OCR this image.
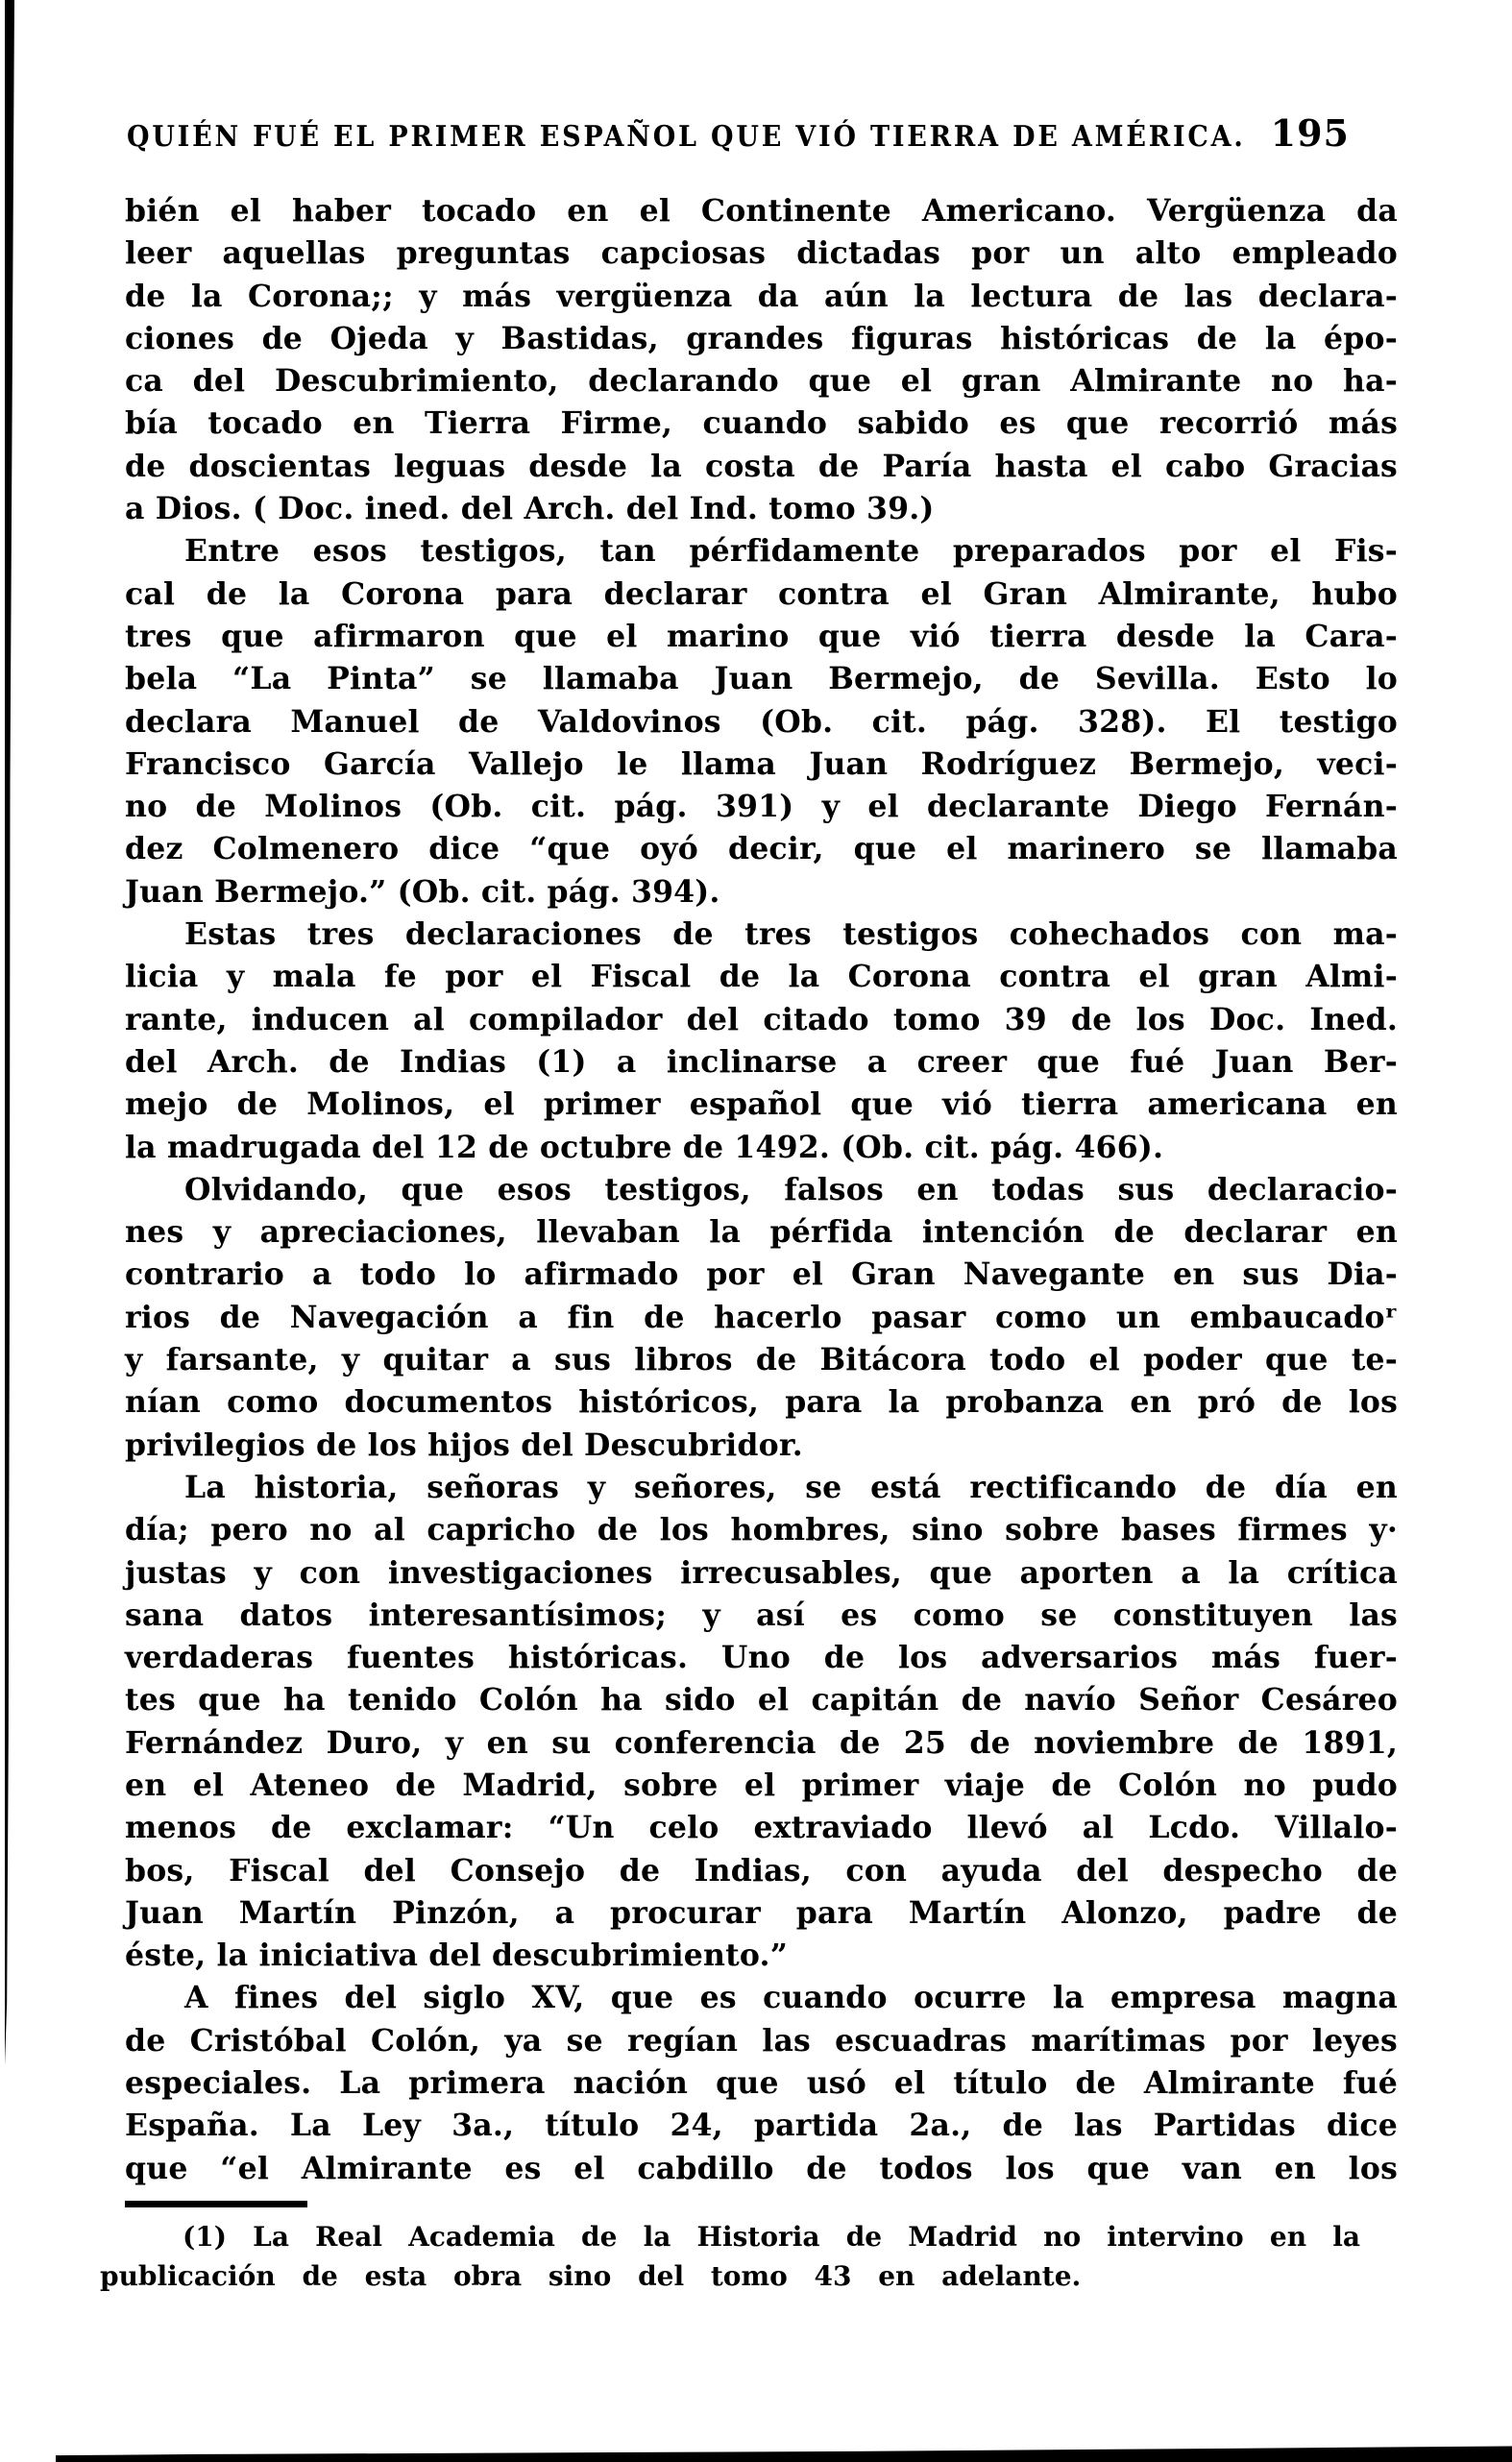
QUIÉN FUÉ EL PRIMER ESPAÑOL QUE VIÓ TIERRA DE AMÉRICA. 195
bién el haber tocado en el Continente Americano. Vergüenza da
leer aquellas preguntas capciosas dictadas por un alto empleado
de la Corona;; y más vergüenza da aún la lectura de las declara-
ciones de Ojeda y Bastidas, grandes figuras históricas de la épo-
ca del Descubrimiento, declarando que el gran Almirante no ha-
bía tocado en Tierra Firme, cuando sabido es que recorrió más
de doscientas leguas desde la costa de Paría hasta el cabo Gracias
a Dios. ( Doc. ined. del Arch. del Ind. tomo 39.)
Entre esos testigos, tan pérfidamente preparados por el Fis-
cal de la Corona para declarar contra el Gran Almirante, hubo
tres que afirmaron que el marino que vió tierra desde la Cara-
bela “La Pinta” se llamaba Juan Bermejo, de Sevilla. Esto lo
declara Manuel de Valdovinos (Ob. cit. pág. 328). El testigo
Francisco García Vallejo le llama Juan Rodríguez Bermejo, veci-
no de Molinos (Ob. cit. pág. 391) y el declarante Diego Fernán-
dez Colmenero dice “que oyó decir, que el marinero se llamaba
Juan Bermejo.” (Ob. cit. pág. 394).
Estas tres declaraciones de tres testigos cohechados con ma-
licia y mala fe por el Fiscal de la Corona contra el gran Almi-
rante, inducen al compilador del citado tomo 39 de los Doc. Ined.
del Arch. de Indias (1) a inclinarse a creer que fué Juan Ber-
mejo de Molinos, el primer español que vió tierra americana en
la madrugada del 12 de octubre de 1492. (Ob. cit. pág. 466).
Olvidando, que esos testigos, falsos en todas sus declaracio-
nes y apreciaciones, llevaban la pérfida intención de declarar en
contrario a todo lo afirmado por el Gran Navegante en sus Dia-
rios de Navegación a fin de hacerlo pasar como un embaucadoʳ
y farsante, y quitar a sus libros de Bitácora todo el poder que te-
nían como documentos históricos, para la probanza en pró de los
privilegios de los hijos del Descubridor.
La historia, señoras y señores, se está rectificando de día en
día; pero no al capricho de los hombres, sino sobre bases firmes y·
justas y con investigaciones irrecusables, que aporten a la crítica
sana datos interesantísimos; y así es como se constituyen las
verdaderas fuentes históricas. Uno de los adversarios más fuer-
tes que ha tenido Colón ha sido el capitán de navío Señor Cesáreo
Fernández Duro, y en su conferencia de 25 de noviembre de 1891,
en el Ateneo de Madrid, sobre el primer viaje de Colón no pudo
menos de exclamar: “Un celo extraviado llevó al Lcdo. Villalo-
bos, Fiscal del Consejo de Indias, con ayuda del despecho de
Juan Martín Pinzón, a procurar para Martín Alonzo, padre de
éste, la iniciativa del descubrimiento.”
A fines del siglo XV, que es cuando ocurre la empresa magna
de Cristóbal Colón, ya se regían las escuadras marítimas por leyes
especiales. La primera nación que usó el título de Almirante fué
España. La Ley 3a., título 24, partida 2a., de las Partidas dice
que “el Almirante es el cabdillo de todos los que van en los
(1) La Real Academia de la Historia de Madrid no intervino en la
publicación de esta obra sino del tomo 43 en adelante.
